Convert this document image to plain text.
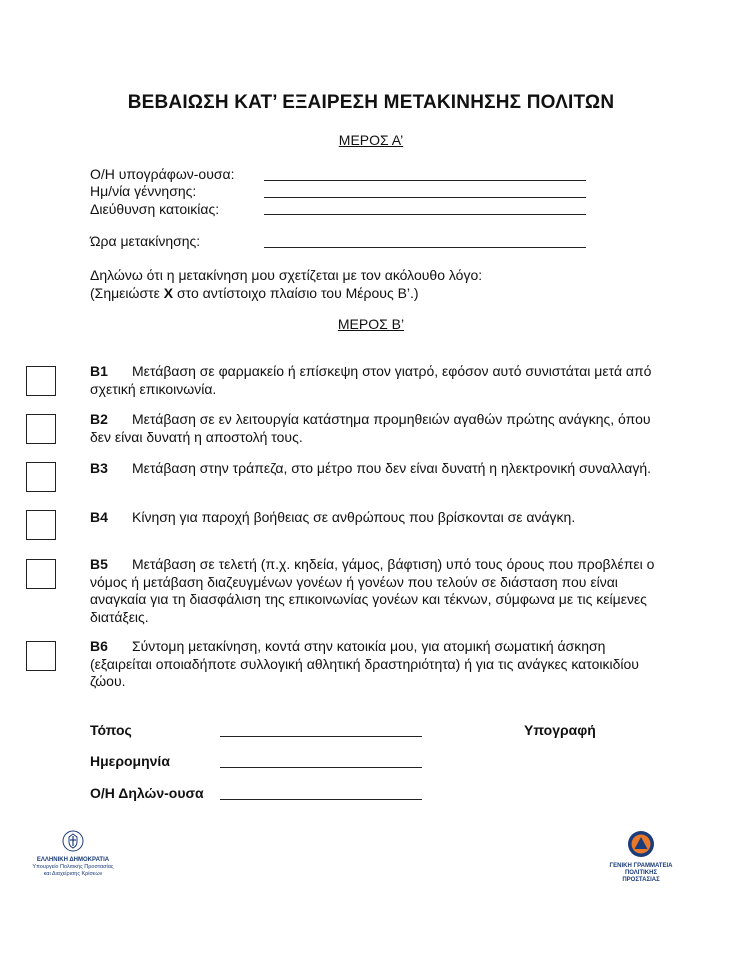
ΒΕΒΑΙΩΣΗ ΚΑΤ’ ΕΞΑΙΡΕΣΗ ΜΕΤΑΚΙΝΗΣΗΣ ΠΟΛΙΤΩΝ
ΜΕΡΟΣ Α’
Ο/Η υπογράφων-ουσα:
Ημ/νία γέννησης:
Διεύθυνση κατοικίας:
Ώρα μετακίνησης:
Δηλώνω ότι η μετακίνηση μου σχετίζεται με τον ακόλουθο λόγο:
(Σημειώστε Χ στο αντίστοιχο πλαίσιο του Μέρους Β’.)
ΜΕΡΟΣ Β’
Β1 Μετάβαση σε φαρμακείο ή επίσκεψη στον γιατρό, εφόσον αυτό συνιστάται μετά από σχετική επικοινωνία.
Β2 Μετάβαση σε εν λειτουργία κατάστημα προμηθειών αγαθών πρώτης ανάγκης, όπου δεν είναι δυνατή η αποστολή τους.
Β3 Μετάβαση στην τράπεζα, στο μέτρο που δεν είναι δυνατή η ηλεκτρονική συναλλαγή.
Β4 Κίνηση για παροχή βοήθειας σε ανθρώπους που βρίσκονται σε ανάγκη.
Β5 Μετάβαση σε τελετή (π.χ. κηδεία, γάμος, βάφτιση) υπό τους όρους που προβλέπει ο νόμος ή μετάβαση διαζευγμένων γονέων ή γονέων που τελούν σε διάσταση που είναι αναγκαία για τη διασφάλιση της επικοινωνίας γονέων και τέκνων, σύμφωνα με τις κείμενες διατάξεις.
Β6 Σύντομη μετακίνηση, κοντά στην κατοικία μου, για ατομική σωματική άσκηση (εξαιρείται οποιαδήποτε συλλογική αθλητική δραστηριότητα) ή για τις ανάγκες κατοικιδίου ζώου.
Τόπος	Υπογραφή
Ημερομηνία
Ο/Η Δηλών-ουσα
ΕΛΛΗΝΙΚΗ ΔΗΜΟΚΡΑΤΙΑ
Υπουργείο Πολιτικής Προστασίας
και Διαχείρισης Κρίσεων
ΓΕΝΙΚΗ ΓΡΑΜΜΑΤΕΙΑ
ΠΟΛΙΤΙΚΗΣ ΠΡΟΣΤΑΣΙΑΣ
